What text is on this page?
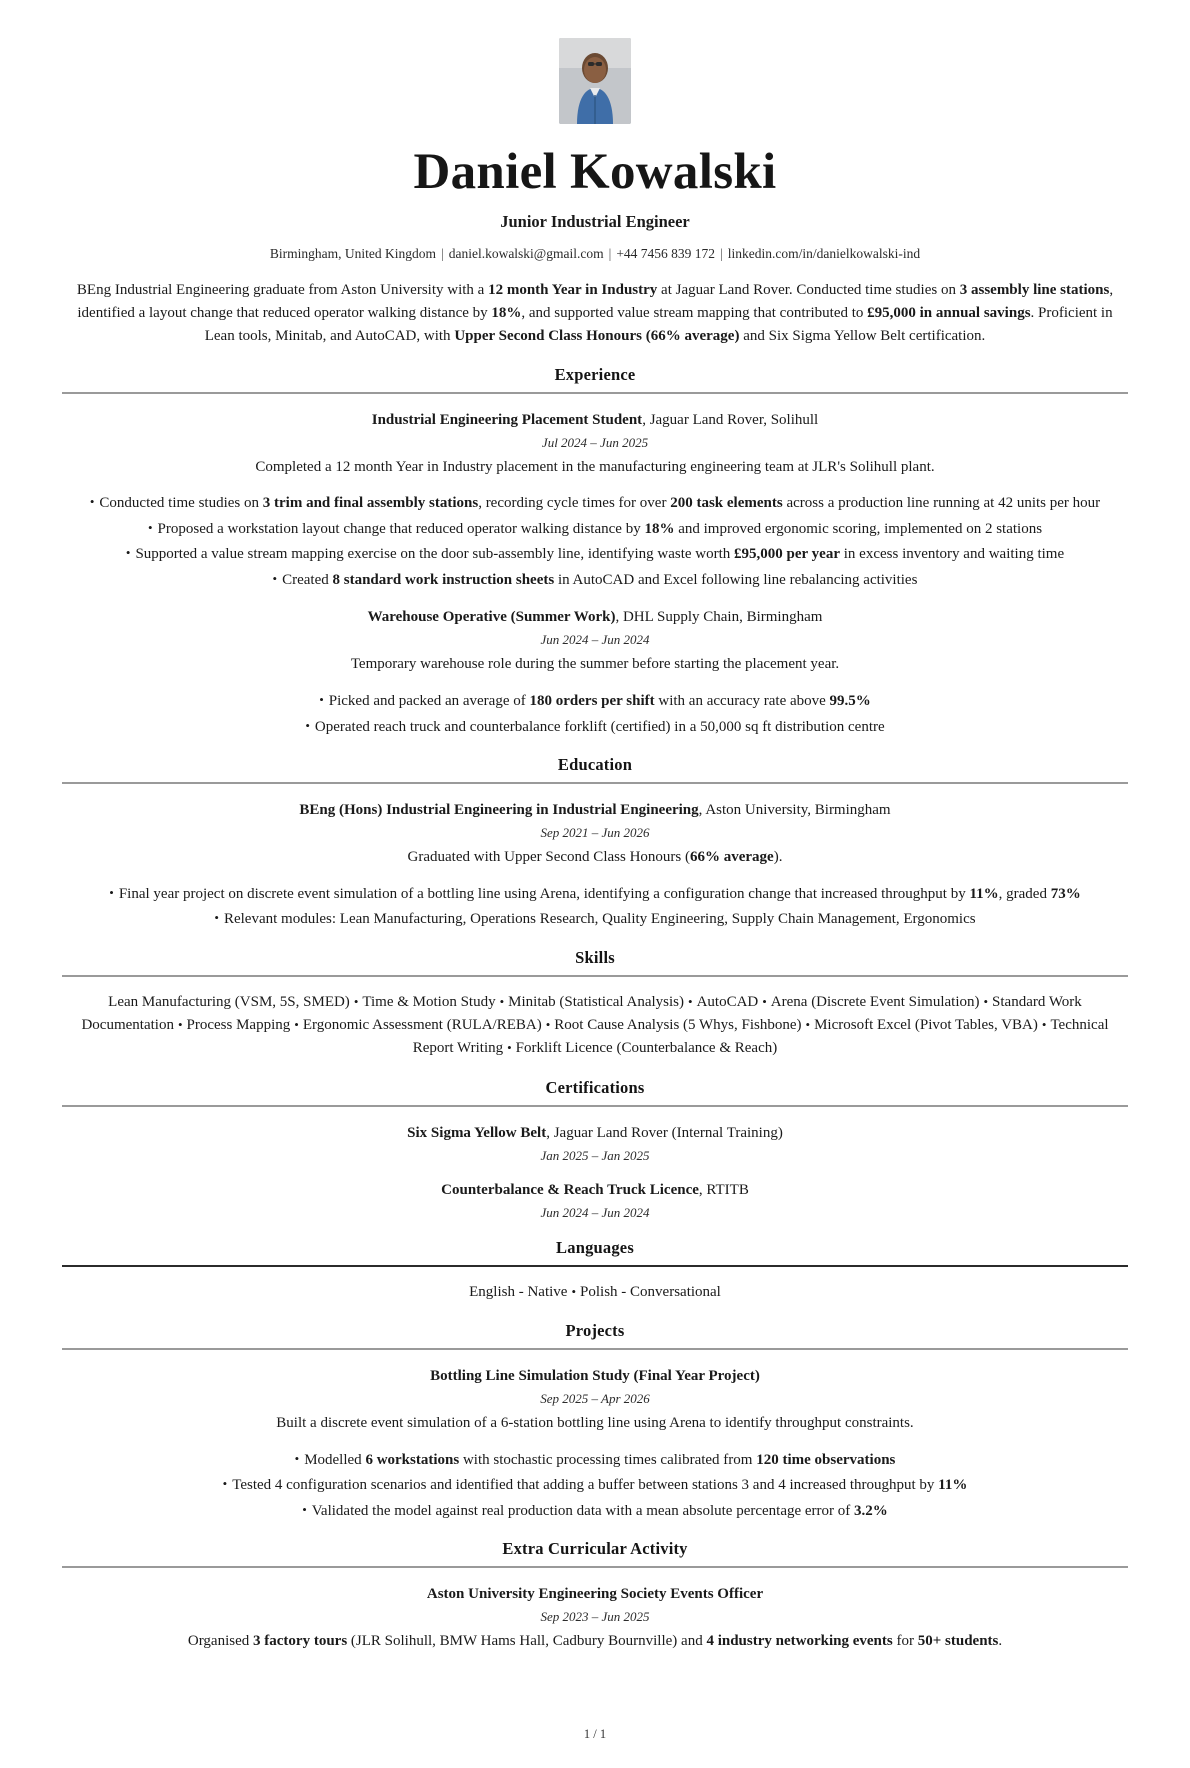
Daniel Kowalski
Junior Industrial Engineer
Birmingham, United Kingdom | daniel.kowalski@gmail.com | +44 7456 839 172 | linkedin.com/in/danielkowalski-ind
BEng Industrial Engineering graduate from Aston University with a 12 month Year in Industry at Jaguar Land Rover. Conducted time studies on 3 assembly line stations, identified a layout change that reduced operator walking distance by 18%, and supported value stream mapping that contributed to £95,000 in annual savings. Proficient in Lean tools, Minitab, and AutoCAD, with Upper Second Class Honours (66% average) and Six Sigma Yellow Belt certification.
Experience
Industrial Engineering Placement Student, Jaguar Land Rover, Solihull
Jul 2024 – Jun 2025
Completed a 12 month Year in Industry placement in the manufacturing engineering team at JLR's Solihull plant.
• Conducted time studies on 3 trim and final assembly stations, recording cycle times for over 200 task elements across a production line running at 42 units per hour
• Proposed a workstation layout change that reduced operator walking distance by 18% and improved ergonomic scoring, implemented on 2 stations
• Supported a value stream mapping exercise on the door sub-assembly line, identifying waste worth £95,000 per year in excess inventory and waiting time
• Created 8 standard work instruction sheets in AutoCAD and Excel following line rebalancing activities
Warehouse Operative (Summer Work), DHL Supply Chain, Birmingham
Jun 2024 – Jun 2024
Temporary warehouse role during the summer before starting the placement year.
• Picked and packed an average of 180 orders per shift with an accuracy rate above 99.5%
• Operated reach truck and counterbalance forklift (certified) in a 50,000 sq ft distribution centre
Education
BEng (Hons) Industrial Engineering in Industrial Engineering, Aston University, Birmingham
Sep 2021 – Jun 2026
Graduated with Upper Second Class Honours (66% average).
• Final year project on discrete event simulation of a bottling line using Arena, identifying a configuration change that increased throughput by 11%, graded 73%
• Relevant modules: Lean Manufacturing, Operations Research, Quality Engineering, Supply Chain Management, Ergonomics
Skills
Lean Manufacturing (VSM, 5S, SMED) • Time & Motion Study • Minitab (Statistical Analysis) • AutoCAD • Arena (Discrete Event Simulation) • Standard Work Documentation • Process Mapping • Ergonomic Assessment (RULA/REBA) • Root Cause Analysis (5 Whys, Fishbone) • Microsoft Excel (Pivot Tables, VBA) • Technical Report Writing • Forklift Licence (Counterbalance & Reach)
Certifications
Six Sigma Yellow Belt, Jaguar Land Rover (Internal Training)
Jan 2025 – Jan 2025
Counterbalance & Reach Truck Licence, RTITB
Jun 2024 – Jun 2024
Languages
English - Native • Polish - Conversational
Projects
Bottling Line Simulation Study (Final Year Project)
Sep 2025 – Apr 2026
Built a discrete event simulation of a 6-station bottling line using Arena to identify throughput constraints.
• Modelled 6 workstations with stochastic processing times calibrated from 120 time observations
• Tested 4 configuration scenarios and identified that adding a buffer between stations 3 and 4 increased throughput by 11%
• Validated the model against real production data with a mean absolute percentage error of 3.2%
Extra Curricular Activity
Aston University Engineering Society Events Officer
Sep 2023 – Jun 2025
Organised 3 factory tours (JLR Solihull, BMW Hams Hall, Cadbury Bournville) and 4 industry networking events for 50+ students.
1 / 1
